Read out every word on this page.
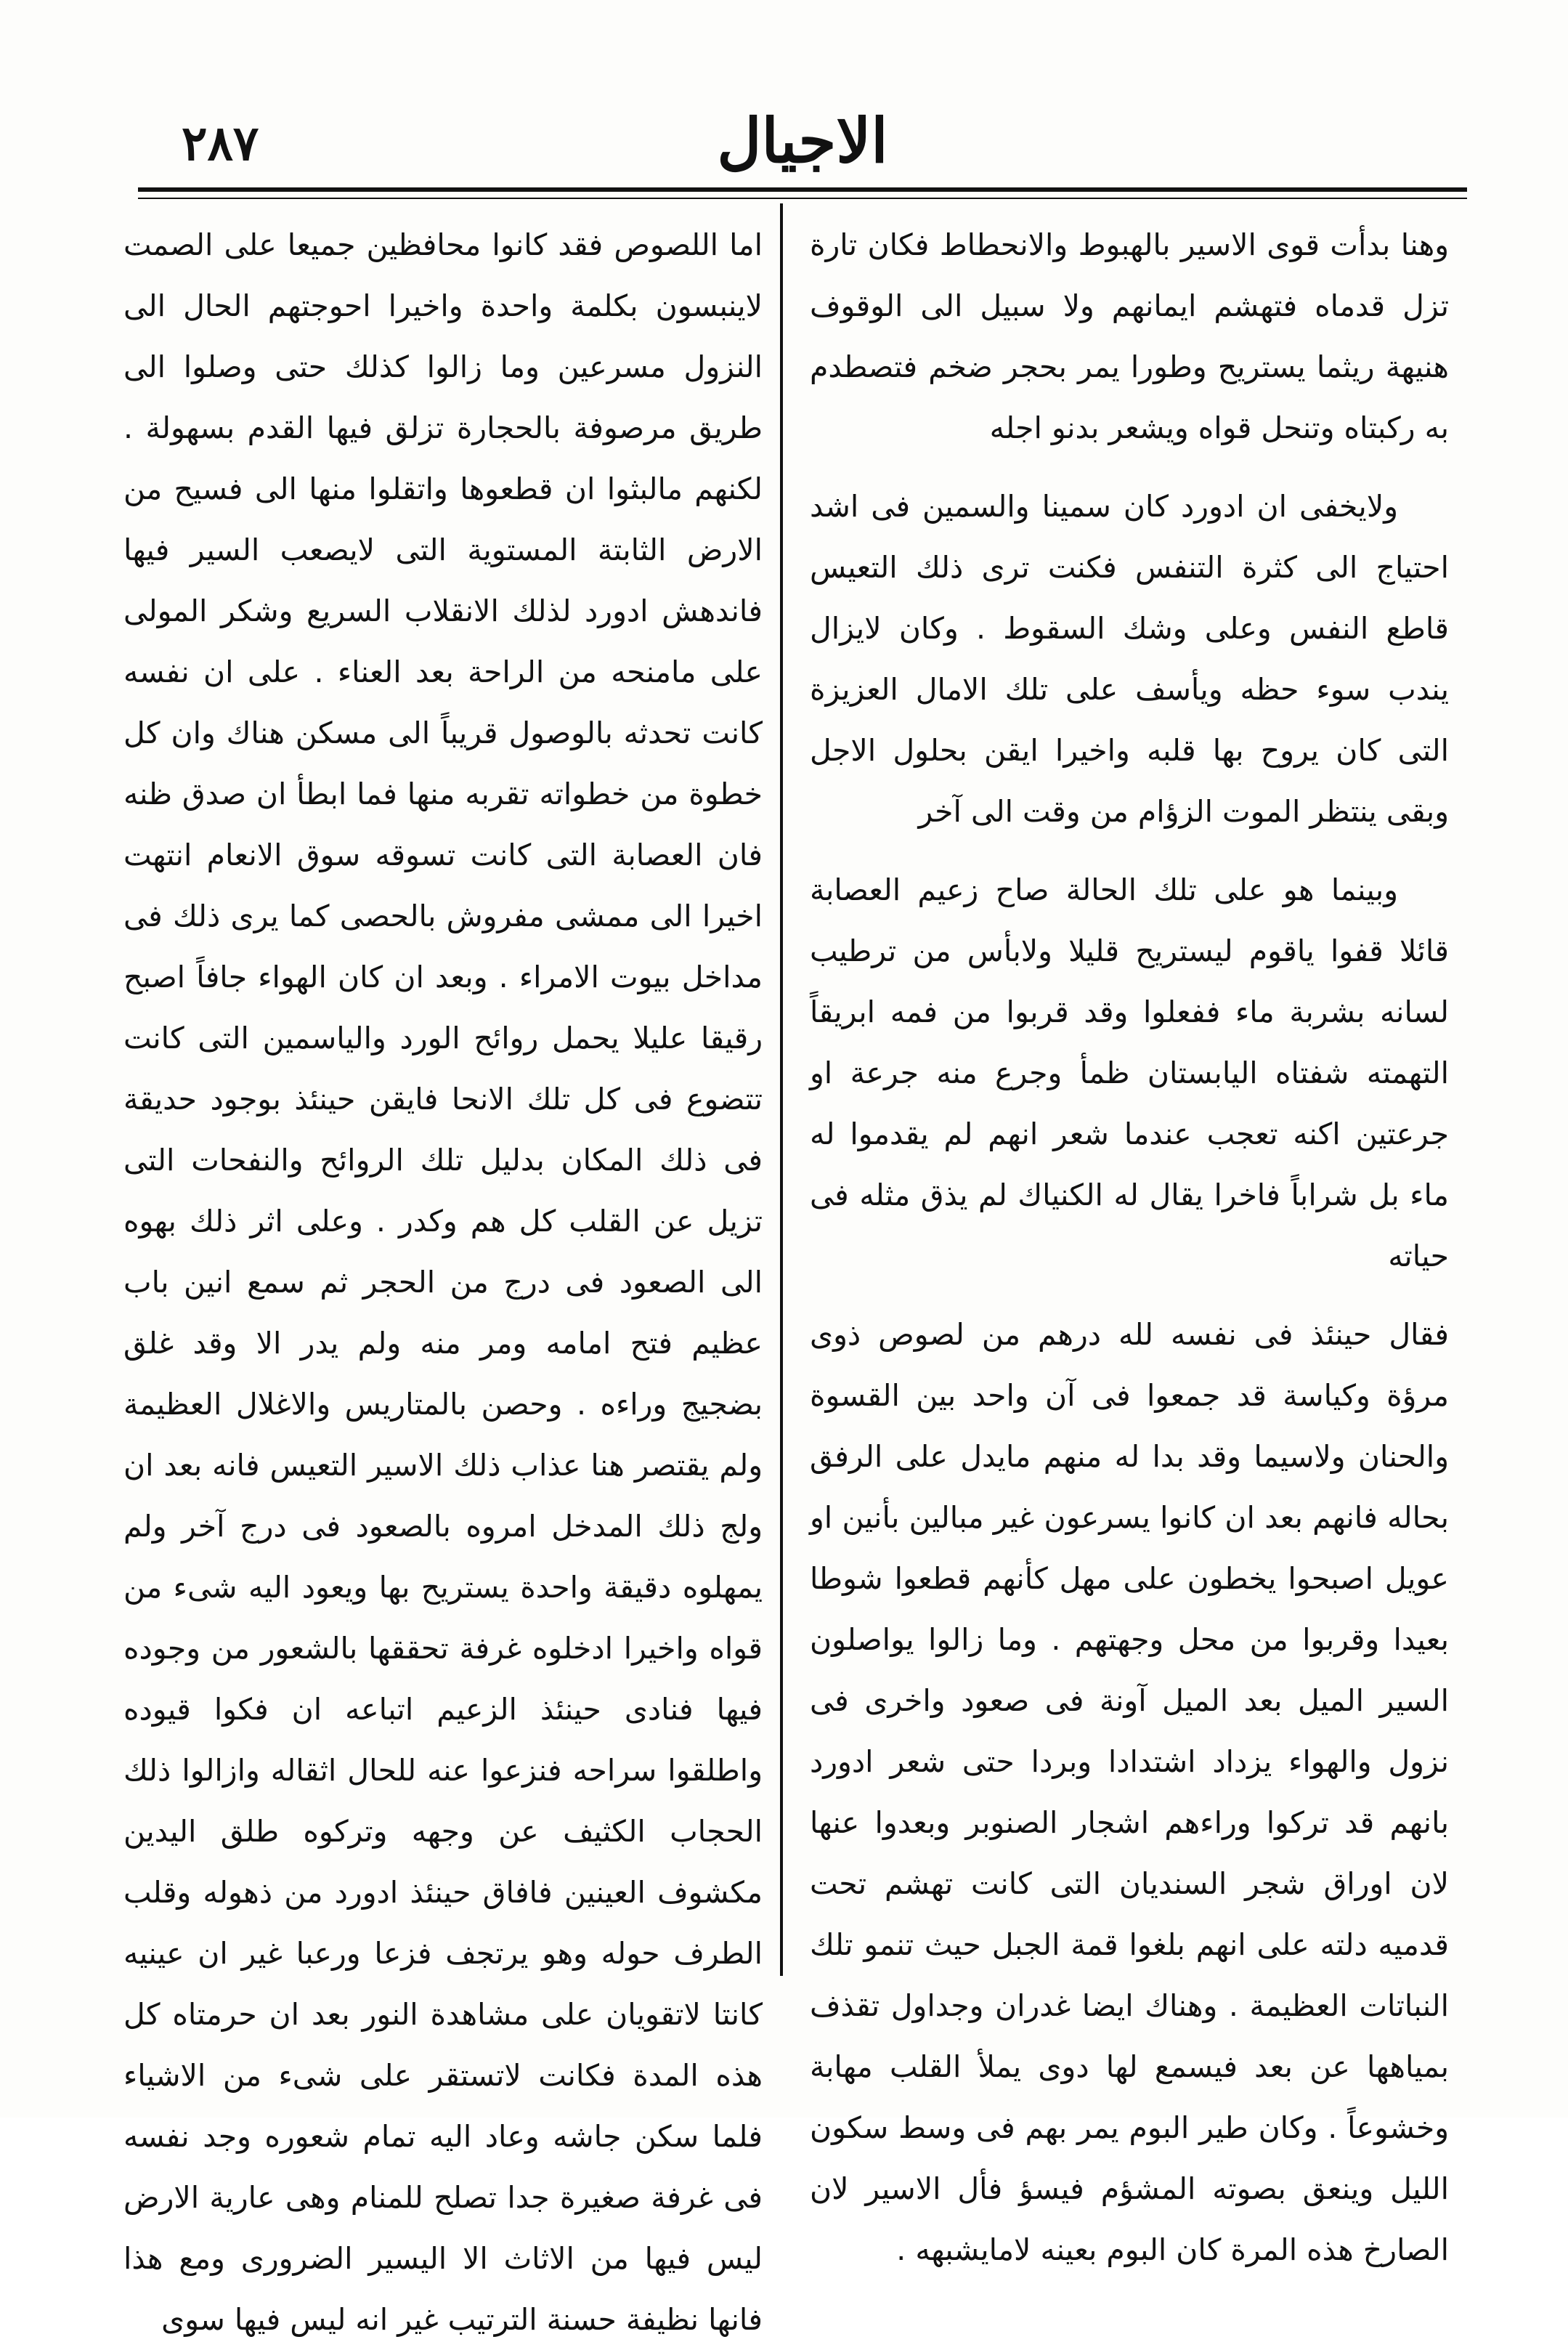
٢٨٧	الاجيال

وهنا بدأت قوى الاسير بالهبوط والانحطاط فكان تارة تزل قدماه فتهشم ايمانهم ولا سبيل الى الوقوف هنيهة ريثما يستريح وطورا يمر بحجر ضخم فتصطدم به ركبتاه وتنحل قواه ويشعر بدنو اجله

ولايخفى ان ادورد كان سمينا والسمين فى اشد احتياج الى كثرة التنفس فكنت ترى ذلك التعيس قاطع النفس وعلى وشك السقوط . وكان لايزال يندب سوء حظه ويأسف على تلك الامال العزيزة التى كان يروح بها قلبه واخيرا ايقن بحلول الاجل وبقى ينتظر الموت الزؤام من وقت الى آخر

وبينما هو على تلك الحالة صاح زعيم العصابة قائلا قفوا ياقوم ليستريح قليلا ولابأس من ترطيب لسانه بشربة ماء ففعلوا وقد قربوا من فمه ابريقاً التهمته شفتاه اليابستان ظمأ وجرع منه جرعة او جرعتين اكنه تعجب عندما شعر انهم لم يقدموا له ماء بل شراباً فاخرا يقال له الكنياك لم يذق مثله فى حياته

فقال حينئذ فى نفسه لله درهم من لصوص ذوى مرؤة وكياسة قد جمعوا فى آن واحد بين القسوة والحنان ولاسيما وقد بدا له منهم مايدل على الرفق بحاله فانهم بعد ان كانوا يسرعون غير مبالين بأنين او عويل اصبحوا يخطون على مهل كأنهم قطعوا شوطا بعيدا وقربوا من محل وجهتهم . وما زالوا يواصلون السير الميل بعد الميل آونة فى صعود واخرى فى نزول والهواء يزداد اشتدادا وبردا حتى شعر ادورد بانهم قد تركوا وراءهم اشجار الصنوبر وبعدوا عنها لان اوراق شجر السنديان التى كانت تهشم تحت قدميه دلته على انهم بلغوا قمة الجبل حيث تنمو تلك النباتات العظيمة . وهناك ايضا غدران وجداول تقذف بمياهها عن بعد فيسمع لها دوى يملأ القلب مهابة وخشوعاً . وكان طير البوم يمر بهم فى وسط سكون الليل وينعق بصوته المشؤم فيسؤ فأل الاسير لان الصارخ هذه المرة كان البوم بعينه لامايشبهه .

اما اللصوص فقد كانوا محافظين جميعا على الصمت لاينبسون بكلمة واحدة واخيرا احوجتهم الحال الى النزول مسرعين وما زالوا كذلك حتى وصلوا الى طريق مرصوفة بالحجارة تزلق فيها القدم بسهولة . لكنهم مالبثوا ان قطعوها واتقلوا منها الى فسيح من الارض الثابتة المستوية التى لايصعب السير فيها فاندهش ادورد لذلك الانقلاب السريع وشكر المولى على مامنحه من الراحة بعد العناء . على ان نفسه كانت تحدثه بالوصول قريباً الى مسكن هناك وان كل خطوة من خطواته تقربه منها فما ابطأ ان صدق ظنه فان العصابة التى كانت تسوقه سوق الانعام انتهت اخيرا الى ممشى مفروش بالحصى كما يرى ذلك فى مداخل بيوت الامراء . وبعد ان كان الهواء جافاً اصبح رقيقا عليلا يحمل روائح الورد والياسمين التى كانت تتضوع فى كل تلك الانحا فايقن حينئذ بوجود حديقة فى ذلك المكان بدليل تلك الروائح والنفحات التى تزيل عن القلب كل هم وكدر . وعلى اثر ذلك بهوه الى الصعود فى درج من الحجر ثم سمع انين باب عظيم فتح امامه ومر منه ولم يدر الا وقد غلق بضجيج وراءه . وحصن بالمتاريس والاغلال العظيمة ولم يقتصر هنا عذاب ذلك الاسير التعيس فانه بعد ان ولج ذلك المدخل امروه بالصعود فى درج آخر ولم يمهلوه دقيقة واحدة يستريح بها ويعود اليه شىء من قواه واخيرا ادخلوه غرفة تحققها بالشعور من وجوده فيها فنادى حينئذ الزعيم اتباعه ان فكوا قيوده واطلقوا سراحه فنزعوا عنه للحال اثقاله وازالوا ذلك الحجاب الكثيف عن وجهه وتركوه طلق اليدين مكشوف العينين فافاق حينئذ ادورد من ذهوله وقلب الطرف حوله وهو يرتجف فزعا ورعبا غير ان عينيه كانتا لاتقويان على مشاهدة النور بعد ان حرمتاه كل هذه المدة فكانت لاتستقر على شىء من الاشياء فلما سكن جاشه وعاد اليه تمام شعوره وجد نفسه فى غرفة صغيرة جدا تصلح للمنام وهى عارية الارض ليس فيها من الاثاث الا اليسير الضرورى ومع هذا فانها نظيفة حسنة الترتيب غير انه ليس فيها سوى
